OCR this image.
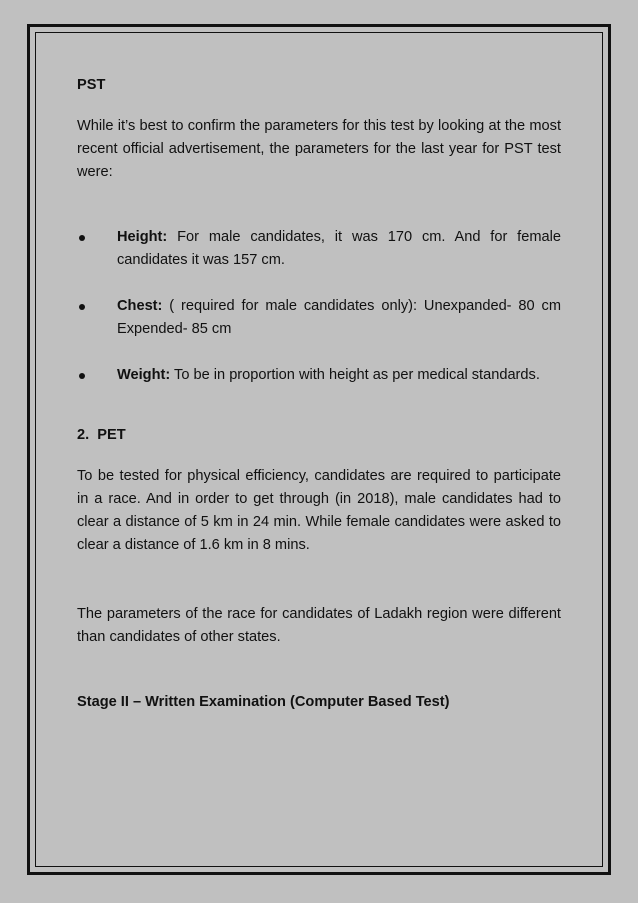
PST

While it’s best to confirm the parameters for this test by looking at the most recent official advertisement, the parameters for the last year for PST test were:

Height: For male candidates, it was 170 cm. And for female candidates it was 157 cm.
Chest: ( required for male candidates only): Unexpanded- 80 cm Expended- 85 cm
Weight: To be in proportion with height as per medical standards.

2.  PET

To be tested for physical efficiency, candidates are required to participate in a race. And in order to get through (in 2018), male candidates had to clear a distance of 5 km in 24 min. While female candidates were asked to clear a distance of 1.6 km in 8 mins.

The parameters of the race for candidates of Ladakh region were different than candidates of other states.

Stage II – Written Examination (Computer Based Test)
